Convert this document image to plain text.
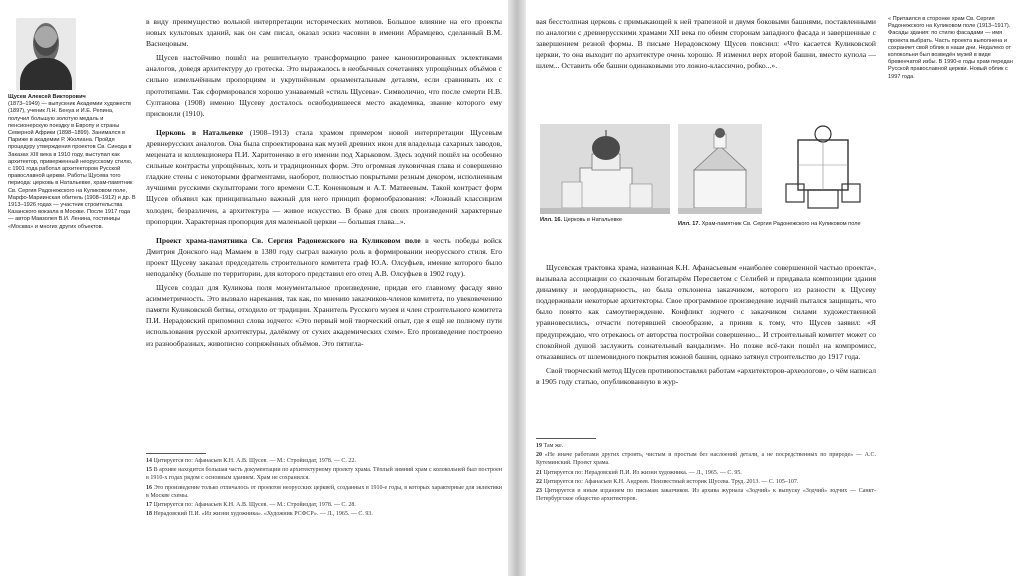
Щусев Алексей Викторович
(1873–1949) — выпускник Академии художеств (1897), ученик Л.Н. Бенуа и И.Е. Репина, получил большую золотую медаль и пенсионерскую поездку в Европу и страны Северной Африки (1898–1899). Занимался в Париже в академии Р. Жюлиана. Пройдя процедуру утверждения проектов Св. Синода в Заказах ХIII века в 1910 году, выступал как архитектор, приверженный неорусскому стилю, с 1901 года работал архитектором Русской православной церкви. Работы Щусева того периода: церковь в Натальевке, храм-памятник Св. Сергия Радонежского на Куликовом поле, Марфо-Мариинская обитель (1908–1912) и др. В 1913–1926 годах — участник строительства Казанского вокзала в Москве. После 1917 года — автор Мавзолея В.И. Ленина, гостиницы «Москва» и многих других объектов.

в виду преимущество вольной интерпретации исторических мотивов. Большое влияние на его проекты новых культовых зданий, как он сам писал, оказал эскиз часовни в имении Абрамцево, сделанный В.М. Васнецовым.

Щусев настойчиво пошёл на решительную трансформацию ранее канонизированных эклектиками аналогов, доведя архитектуру до гротеска. Это выражалось в необычных сочетаниях упрощённых объёмов с сильно измельчённым пропорциям и укрупнённым орнаментальным деталям, если сравнивать их с прототипами. Так сформировался хорошо узнаваемый «стиль Щусева». Символично, что после смерти Н.В. Султанова (1908) именно Щусеву досталось освободившееся место академика, звание которого ему присвоили (1910).

Церковь в Натальевке (1908–1913) стала храмом примером новой интерпретации Щусевым древнерусских аналогов. Она была спроектирована как музей древних икон для владельца сахарных заводов, мецената и коллекционера П.И. Харитоненко в его имении под Харьковом. Здесь зодчий пошёл на особенно сильные контрасты упрощённых, хоть и традиционных форм. Это огромная луковичная глава и совершенно гладкие стены с некоторыми фрагментами, наоборот, полностью покрытыми резным декором, исполненным лучшими русскими скульпторами того времени С.Т. Коненковым и А.Т. Матвеевым. Такой контраст форм Щусев объявил как принципиально важный для него принцип формообразования: «Ложный классицизм холоден, безразличен, а архитектура — живое искусство. В браке для своих произведений характерные пропорции. Характерная пропорция для маленькой церкви — большая глава...».

Проект храма-памятника Св. Сергия Радонежского на Куликовом поле в честь победы войск Дмитрия Донского над Мамаем в 1380 году сыграл важную роль в формировании неорусского стиля. Его проект Щусеву заказал председатель строительного комитета граф Ю.А. Олсуфьев, имение которого было неподалёку (больше по территории, для которого представил его отец А.В. Олсуфьев в 1902 году).

Щусев создал для Куликова поля монументальное произведение, придав его главному фасаду явно асимметричность. Это вызвало нарекания, так как, по мнению заказчиков-членов комитета, по увековечению памяти Куликовской битвы, отходило от традиции. Хранитель Русского музея и член строительного комитета П.И. Нерадовский припомнил слова зодчего: «Это первый мой творческий опыт, где я ещё не полному пути использования русской архитектуры, далёкому от сухих академических схем». Его произведение построено из разнообразных, живописно сопряжённых объёмов. Это пятигла-

14 Цитируется по: Афанасьев К.Н. А.В. Щусев. — М.: Стройиздат, 1978. — С. 22.
15 В архиве находится большая часть документации по архитектурному проекту храма. Тёплый зимний храм с колокольней был построен в 1910-х годах рядом с основным зданием. Храм не сохранился.
16 Это произведение только отличалось от проектов неорусских церквей, созданных в 1910-е годы, в которых характерные для эклектики в Москве схемы.
17 Цитируется по: Афанасьев К.Н. А.В. Щусев. — М.: Стройиздат, 1978. — С. 28.
18 Нерадовский П.И. «Из жизни художника». «Художник РСФСР». — Л., 1965. — С. 93.

вая бесстолпная церковь с примыкающей к ней трапезной и двумя боковыми башнями, поставленными по аналогии с древнерусскими храмами XII века по обеим сторонам западного фасада и завершенные с завершением резной формы. В письме Нерадовскому Щусев пояснил: «Что касается Куликовской церкви, то она выходит по архитектуре очень хорошо. Я изменил верх второй башни, вместо купола — шлем... Оставить обе башни одинаковыми это ложно-классично, робко...».

« Притаился в сторонке храм Св. Сергия Радонежского на Куликовом поле (1913–1917). Фасады здания: по стилю фасадами — имя проекта выбрать. Часть проекта выполнена и сохраняет свой облик в наши дни. Недалеко от колокольни был возведён музей в виде бревенчатой избы. В 1990-е годы храм передан Русской православной церкви. Новый облик с 1997 года.
Илл. 16. Церковь в Натальевке
Илл. 17. Храм-памятник Св. Сергия Радонежского на Куликовом поле

Щусевская трактовка храма, названная К.Н. Афанасьевым «наиболее совершенной частью проекта», вызывала ассоциации со сказочным богатырём Пересветом с Селибей и придавала композиции здания динамику и неординарность, но была отклонена заказчиком, которого из разности к Щусеву поддерживали некоторые архитекторы. Свое программное произведение зодчий пытался защищать, что было понято как самоутверждение. Конфликт зодчего с заказчиком силами художественной уравновесились, отчасти потерявшей своеобразие, а приняв к тому, что Щусев заявил: «Я предупреждаю, что отрекаюсь от авторства постройки совершенно... И строительный комитет может со спокойной душой заслужить сознательный вандализм». Но позже всё-таки пошёл на компромисс, отказавшись от шлемовидного покрытия южной башни, однако затянул строительство до 1917 года.

Свой творческий метод Щусев противопоставлял работам «архитекторов-археологов», о чём написал в 1905 году статью, опубликованную в жур-

19 Там же.
20 «Не иначе работами других строить, чистым и простым без наслоений детали, а не посредственных по природе» — А.С. Кутеминский. Проект храма.
21 Цитируется по: Нерадовский П.И. Из жизни художника. — Л., 1965. — С. 95.
22 Цитируется по: Афанасьев К.Н. Андреев. Неизвестный историк Щусева. Труд. 2013. — С. 105–107.
23 Цитируется и иным изданием по письмам заказчиков. Из архива журнала «Зодчий» к выпуску «Зодчий» зодчих — Санкт-Петербургское общество архитекторов.
